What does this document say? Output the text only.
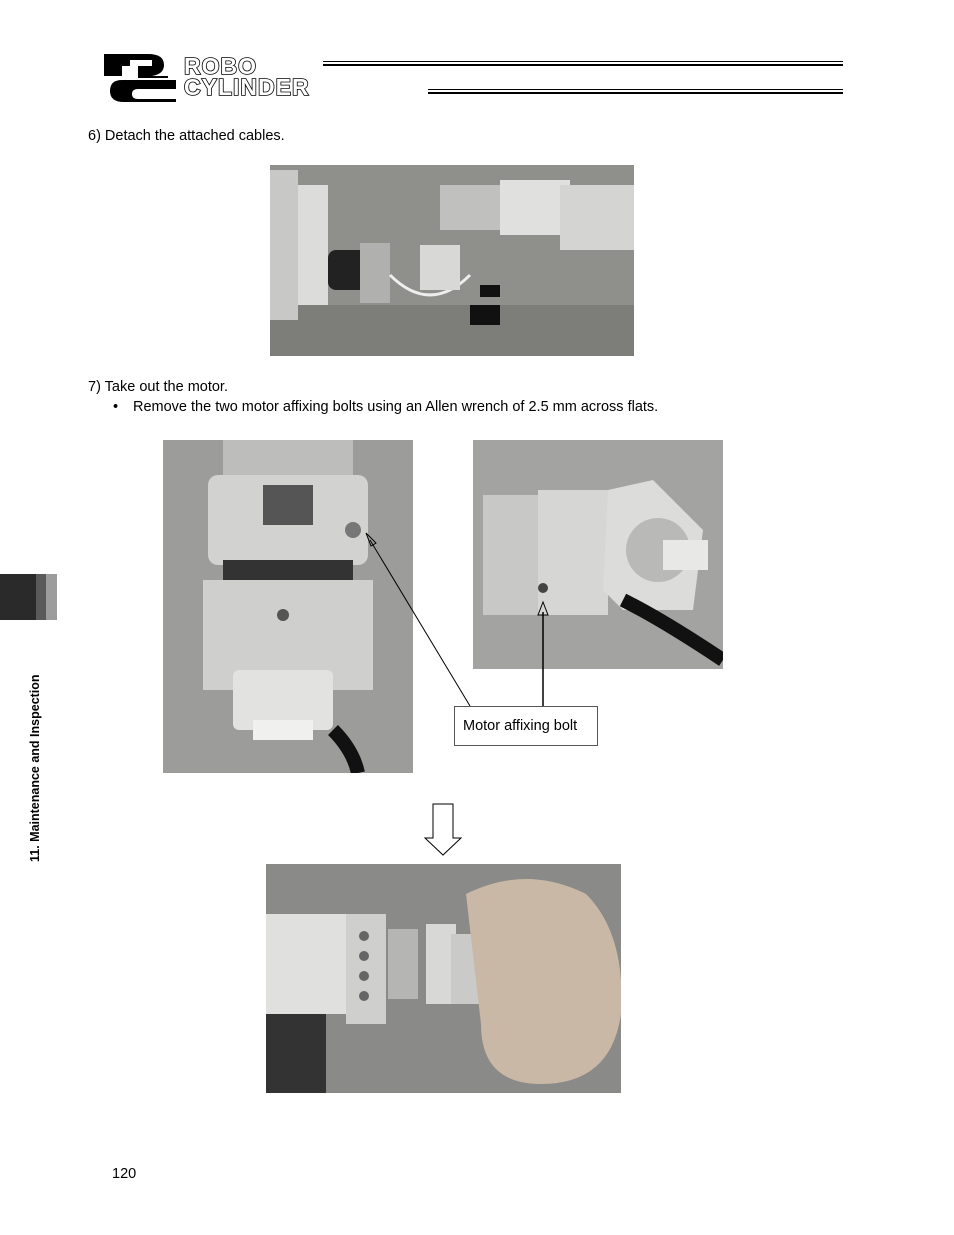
ROBO
CYLINDER
6) Detach the attached cables.
7) Take out the motor.
• Remove the two motor affixing bolts using an Allen wrench of 2.5 mm across flats.
Motor affixing bolt
11. Maintenance and Inspection
120
